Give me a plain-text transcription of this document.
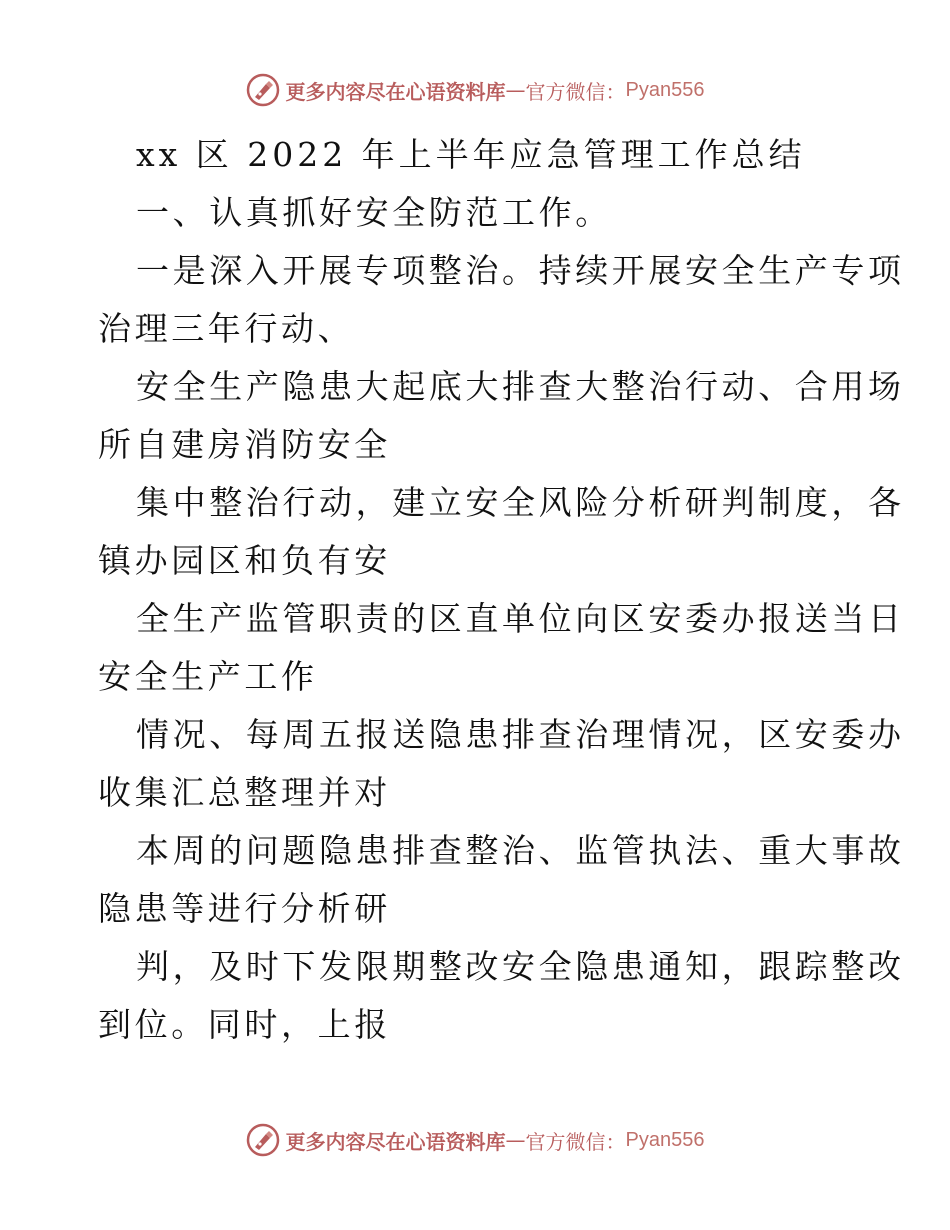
更多内容尽在心语资料库 — 官方微信： Pyan556
xx 区 2022 年上半年应急管理工作总结
一、认真抓好安全防范工作。
一是深入开展专项整治。持续开展安全生产专项
治理三年行动、
安全生产隐患大起底大排查大整治行动、合用场
所自建房消防安全
集中整治行动，建立安全风险分析研判制度，各
镇办园区和负有安
全生产监管职责的区直单位向区安委办报送当日
安全生产工作
情况、每周五报送隐患排查治理情况，区安委办
收集汇总整理并对
本周的问题隐患排查整治、监管执法、重大事故
隐患等进行分析研
判，及时下发限期整改安全隐患通知，跟踪整改
到位。同时，上报
更多内容尽在心语资料库 — 官方微信： Pyan556
